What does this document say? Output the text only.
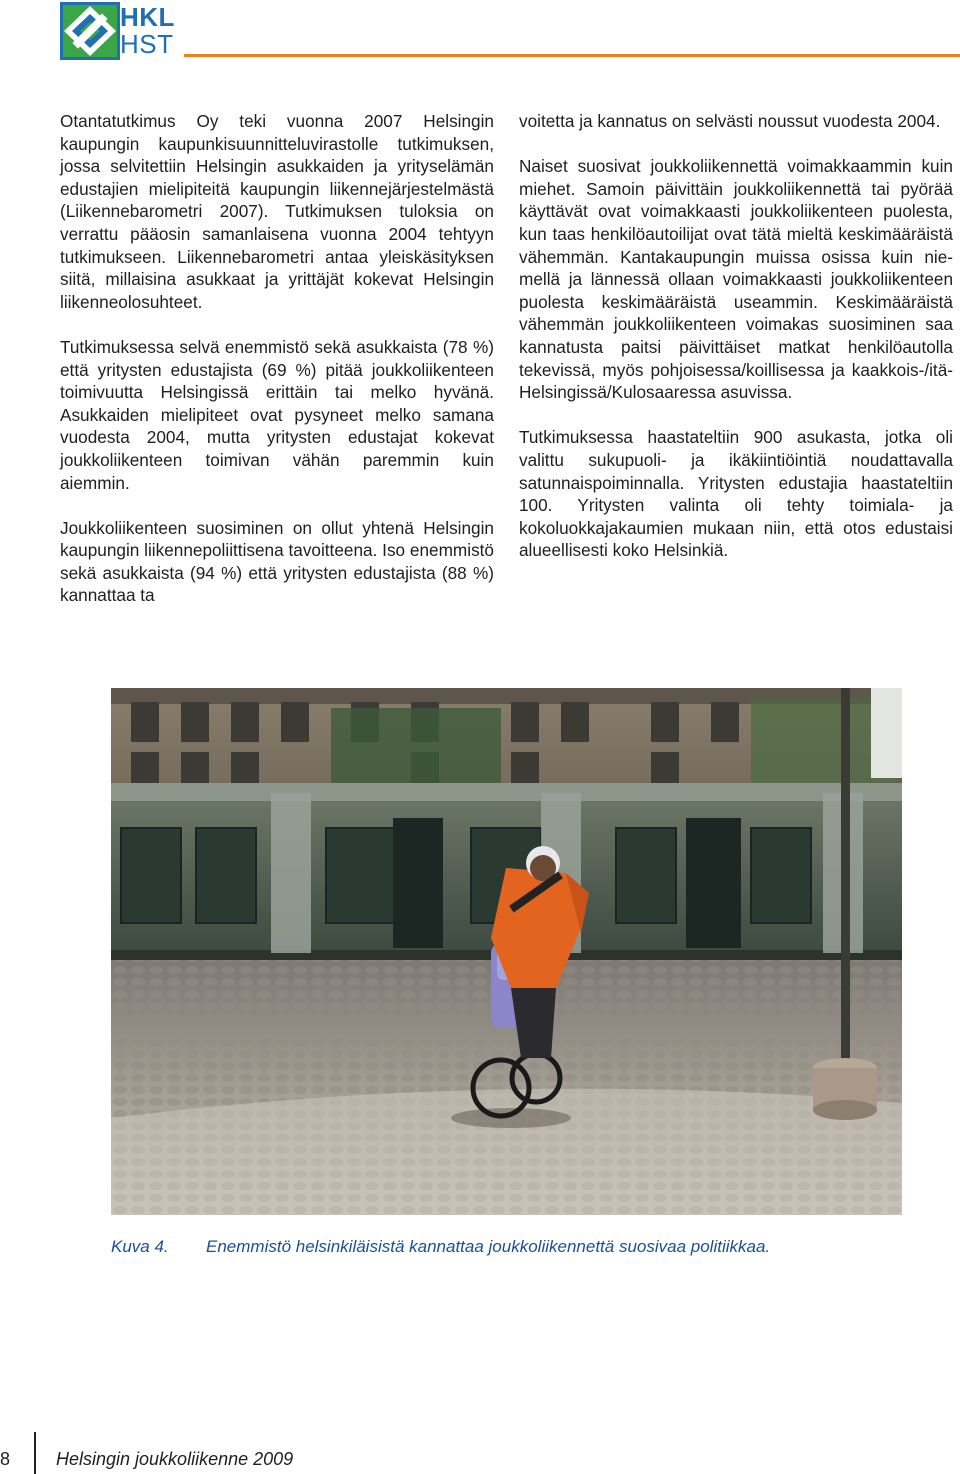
HKL
HST

Otantatutkimus Oy teki vuonna 2007 Helsingin kaupungin kaupunkisuunnitteluvirastolle tutkimuksen, jossa selvitettiin Helsingin asukkaiden ja yrityselämän edustajien mielipiteitä kaupungin liikennejärjestelmästä (Liikennebarometri 2007). Tutkimuksen tuloksia on verrattu pääosin samanlaisena vuonna 2004 tehtyyn tutkimukseen. Liikennebarometri antaa yleiskäsityksen siitä, millaisina asukkaat ja yrittäjät kokevat Helsingin liikenneolosuhteet.

Tutkimuksessa selvä enemmistö sekä asukkaista (78 %) että yritysten edustajista (69 %) pitää joukkoliikenteen toimivuutta Helsingissä erittäin tai melko hyvänä. Asukkaiden mielipiteet ovat pysyneet melko samana vuodesta 2004, mutta yritysten edustajat kokevat joukkoliikenteen toimivan vähän paremmin kuin aiemmin.

Joukkoliikenteen suosiminen on ollut yhtenä Helsingin kaupungin liikennepoliittisena tavoitteena. Iso enemmistö sekä asukkaista (94 %) että yritysten edustajista (88 %) kannattaa ta

voitetta ja kannatus on selvästi noussut vuodesta 2004.

Naiset suosivat joukkoliikennettä voimakkaammin kuin miehet. Samoin päivittäin joukkoliikennettä tai pyörää käyttävät ovat voimakkaasti joukkoliikenteen puolesta, kun taas henkilöautoilijat ovat tätä mieltä keskimääräistä vähemmän. Kantakaupungin muissa osissa kuin niemellä ja lännessä ollaan voimakkaasti joukkoliikenteen puolesta keskimääräistä useammin. Keskimääräistä vähemmän joukkoliikenteen voimakas suosiminen saa kannatusta paitsi päivittäiset matkat henkilöautolla tekevissä, myös pohjoisessa/koillisessa ja kaakkois-/itä-Helsingissä/Kulosaaressa asuvissa.

Tutkimuksessa haastateltiin 900 asukasta, jotka oli valittu sukupuoli- ja ikäkiintiöintiä noudattavalla satunnaispoiminnalla. Yritysten edustajia haastateltiin 100. Yritysten valinta oli tehty toimiala- ja kokoluokkajakaumien mukaan niin, että otos edustaisi alueellisesti koko Helsinkiä.

Kuva 4. Enemmistö helsinkiläisistä kannattaa joukkoliikennettä suosivaa politiikkaa.
8	Helsingin joukkoliikenne 2009
